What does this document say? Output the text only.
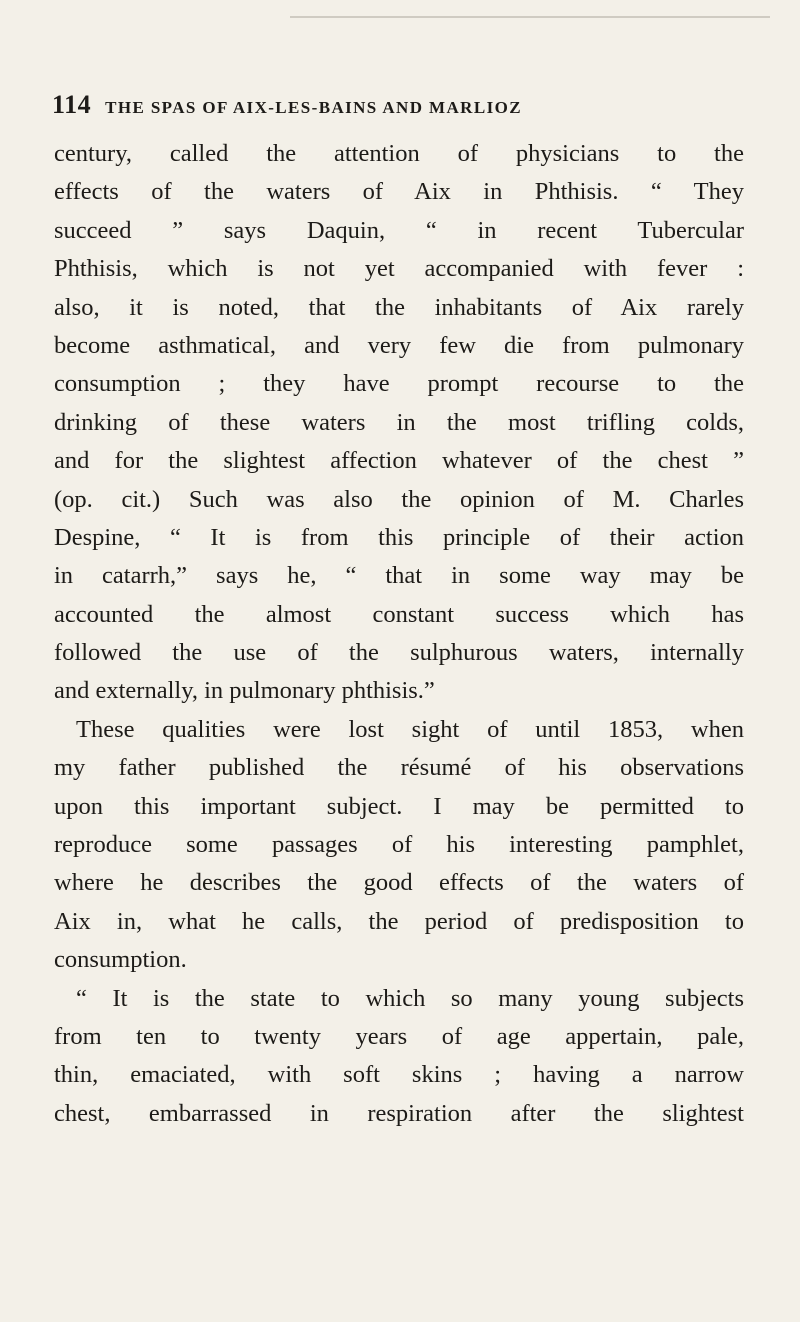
114 THE SPAS OF AIX-LES-BAINS AND MARLIOZ
century, called the attention of physicians to the
effects of the waters of Aix in Phthisis. “ They
succeed ” says Daquin, “ in recent Tubercular
Phthisis, which is not yet accompanied with fever :
also, it is noted, that the inhabitants of Aix rarely
become asthmatical, and very few die from pulmonary
consumption ; they have prompt recourse to the
drinking of these waters in the most trifling colds,
and for the slightest affection whatever of the chest ”
(op. cit.) Such was also the opinion of M. Charles
Despine, “ It is from this principle of their action
in catarrh,” says he, “ that in some way may be
accounted the almost constant success which has
followed the use of the sulphurous waters, internally
and externally, in pulmonary phthisis.”
These qualities were lost sight of until 1853, when
my father published the résumé of his observations
upon this important subject. I may be permitted to
reproduce some passages of his interesting pamphlet,
where he describes the good effects of the waters of
Aix in, what he calls, the period of predisposition to
consumption.
“ It is the state to which so many young subjects
from ten to twenty years of age appertain, pale,
thin, emaciated, with soft skins ; having a narrow
chest, embarrassed in respiration after the slightest
